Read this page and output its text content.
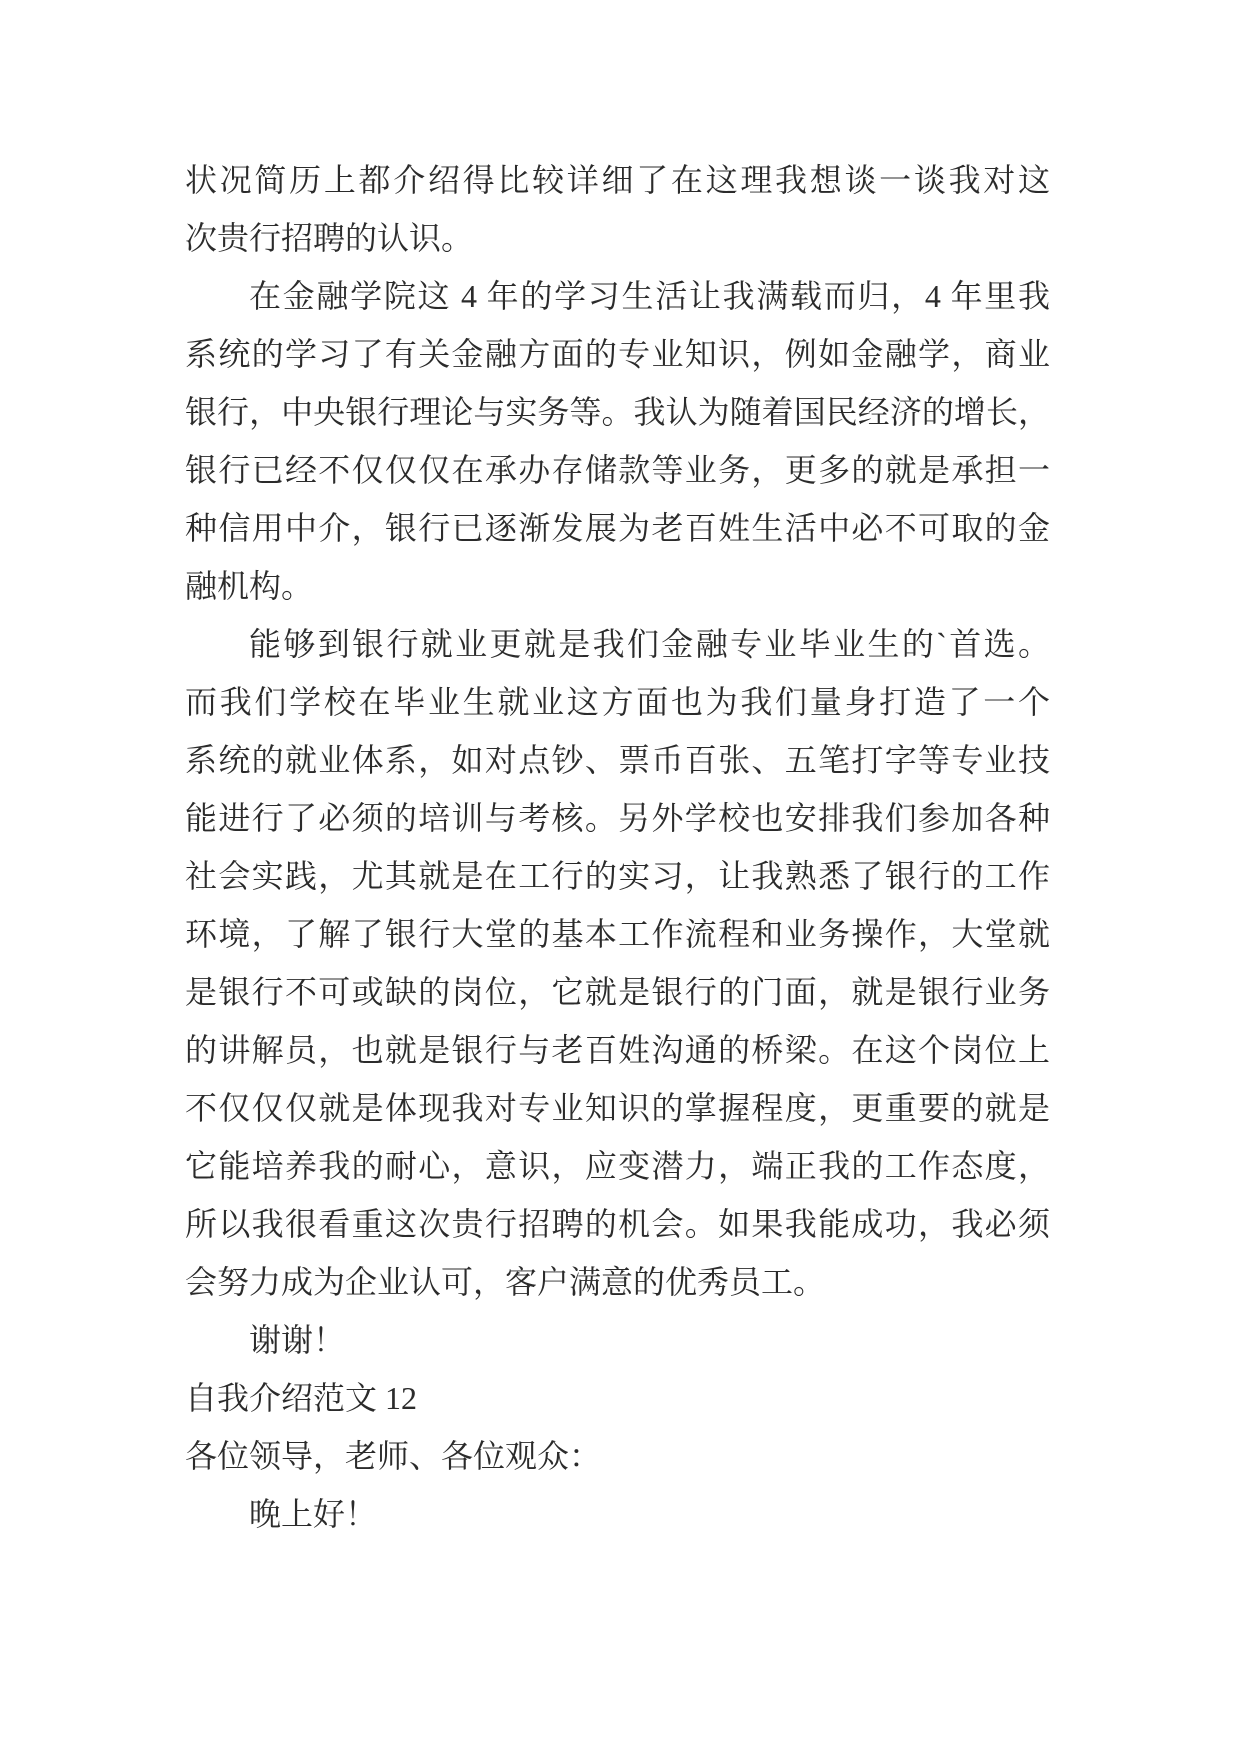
状况简历上都介绍得比较详细了在这理我想谈一谈我对这
次贵行招聘的认识。
在金融学院这 4 年的学习生活让我满载而归，4 年里我
系统的学习了有关金融方面的专业知识，例如金融学，商业
银行，中央银行理论与实务等。我认为随着国民经济的增长，
银行已经不仅仅仅在承办存储款等业务，更多的就是承担一
种信用中介，银行已逐渐发展为老百姓生活中必不可取的金
融机构。
能够到银行就业更就是我们金融专业毕业生的`首选。
而我们学校在毕业生就业这方面也为我们量身打造了一个
系统的就业体系，如对点钞、票币百张、五笔打字等专业技
能进行了必须的培训与考核。另外学校也安排我们参加各种
社会实践，尤其就是在工行的实习，让我熟悉了银行的工作
环境，了解了银行大堂的基本工作流程和业务操作，大堂就
是银行不可或缺的岗位，它就是银行的门面，就是银行业务
的讲解员，也就是银行与老百姓沟通的桥梁。在这个岗位上
不仅仅仅就是体现我对专业知识的掌握程度，更重要的就是
它能培养我的耐心，意识，应变潜力，端正我的工作态度，
所以我很看重这次贵行招聘的机会。如果我能成功，我必须
会努力成为企业认可，客户满意的优秀员工。
谢谢！
自我介绍范文 12
各位领导，老师、各位观众：
晚上好！
